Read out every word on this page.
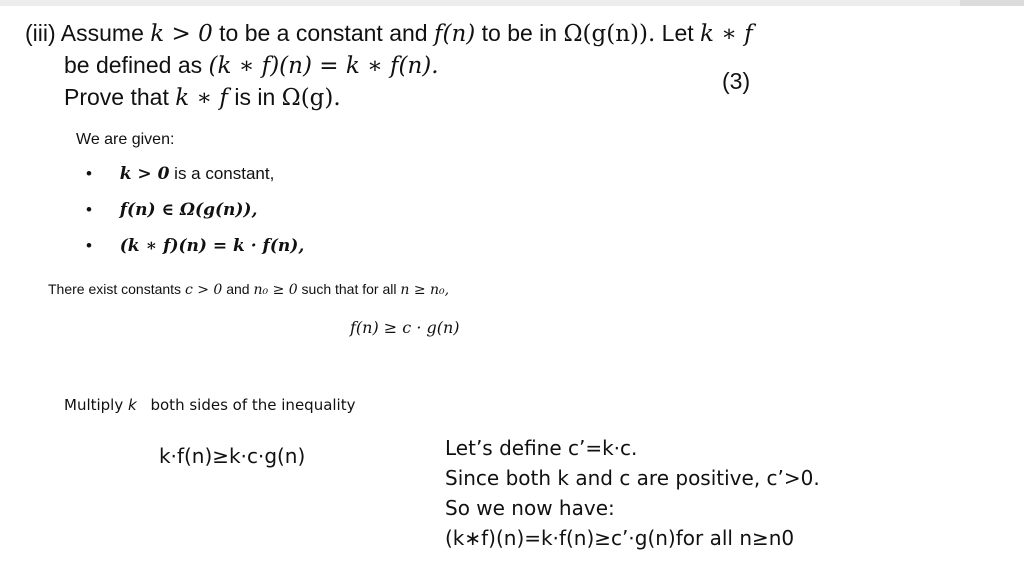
(iii) Assume k > 0 to be a constant and f(n) to be in Ω(g(n)). Let k ∗ f
be defined as (k ∗ f)(n) = k ∗ f(n).
Prove that k ∗ f is in Ω(g).
(3)
We are given:
• k > 0 is a constant,
• f(n) ∈ Ω(g(n)),
• (k ∗ f)(n) = k · f(n),
There exist constants c > 0 and n₀ ≥ 0 such that for all n ≥ n₀,
f(n) ≥ c · g(n)
Multiply k both sides of the inequality
k⋅f(n)≥k⋅c⋅g(n)	Let’s define c’=k⋅c.
Since both k and c are positive, c’>0.
So we now have:
(k∗f)(n)=k⋅f(n)≥c’⋅g(n)for all n≥n0
